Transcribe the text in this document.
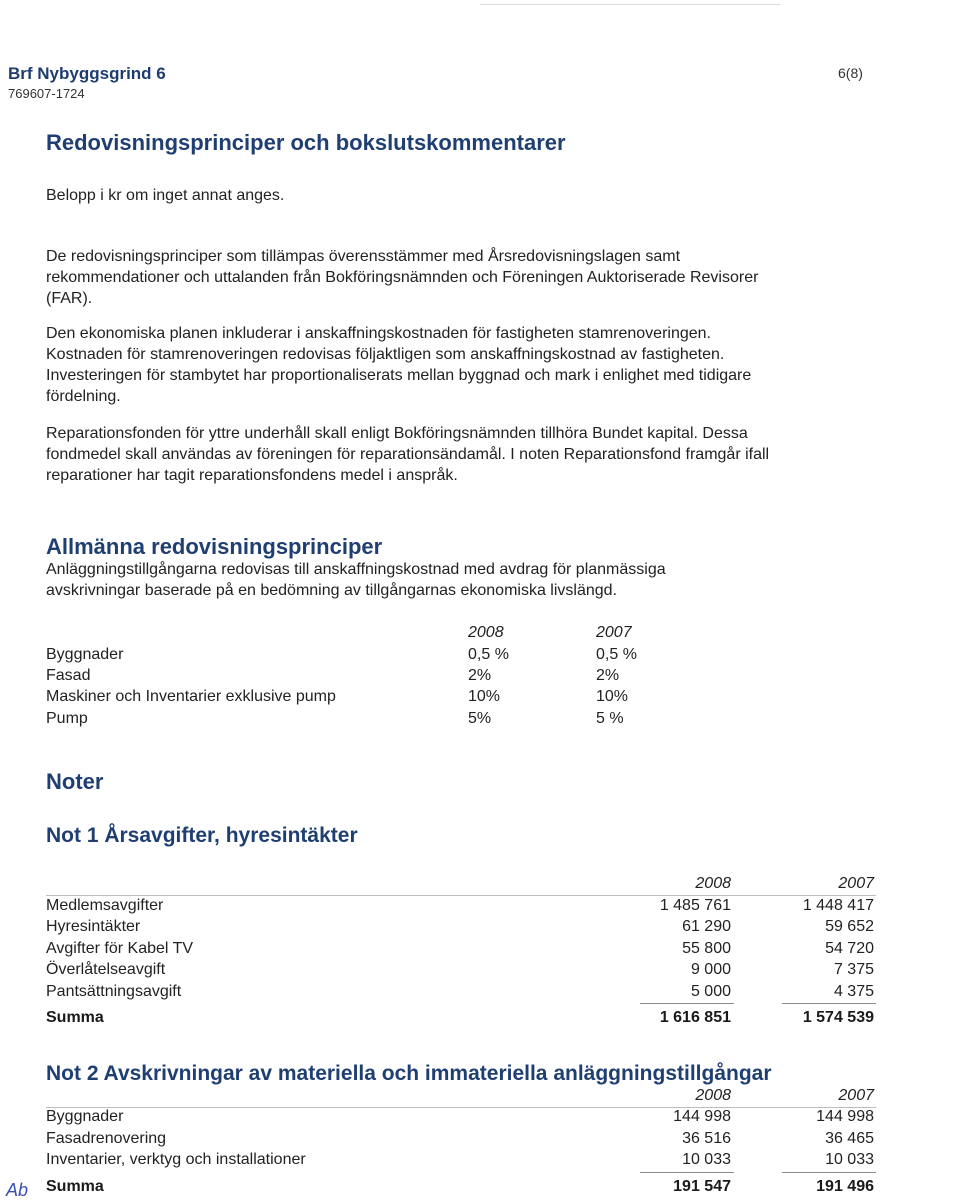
Brf Nybyggsgrind 6
769607-1724
6(8)
Redovisningsprinciper och bokslutskommentarer
Belopp i kr om inget annat anges.
De redovisningsprinciper som tillämpas överensstämmer med Årsredovisningslagen samt
rekommendationer och uttalanden från Bokföringsnämnden och Föreningen Auktoriserade Revisorer
(FAR).
Den ekonomiska planen inkluderar i anskaffningskostnaden för fastigheten stamrenoveringen.
Kostnaden för stamrenoveringen redovisas följaktligen som anskaffningskostnad av fastigheten.
Investeringen för stambytet har proportionaliserats mellan byggnad och mark i enlighet med tidigare
fördelning.
Reparationsfonden för yttre underhåll skall enligt Bokföringsnämnden tillhöra Bundet kapital. Dessa
fondmedel skall användas av föreningen för reparationsändamål. I noten Reparationsfond framgår ifall
reparationer har tagit reparationsfondens medel i anspråk.
Allmänna redovisningsprinciper
Anläggningstillgångarna redovisas till anskaffningskostnad med avdrag för planmässiga
avskrivningar baserade på en bedömning av tillgångarnas ekonomiska livslängd.
2008	2007
Byggnader	0,5 %	0,5 %
Fasad	2%	2%
Maskiner och Inventarier exklusive pump	10%	10%
Pump	5%	5 %
Noter
Not 1 Årsavgifter, hyresintäkter
2008	2007
Medlemsavgifter	1 485 761	1 448 417
Hyresintäkter	61 290	59 652
Avgifter för Kabel TV	55 800	54 720
Överlåtelseavgift	9 000	7 375
Pantsättningsavgift	5 000	4 375
Summa	1 616 851	1 574 539
Not 2 Avskrivningar av materiella och immateriella anläggningstillgångar
2008	2007
Byggnader	144 998	144 998
Fasadrenovering	36 516	36 465
Inventarier, verktyg och installationer	10 033	10 033
Summa	191 547	191 496
Ab
